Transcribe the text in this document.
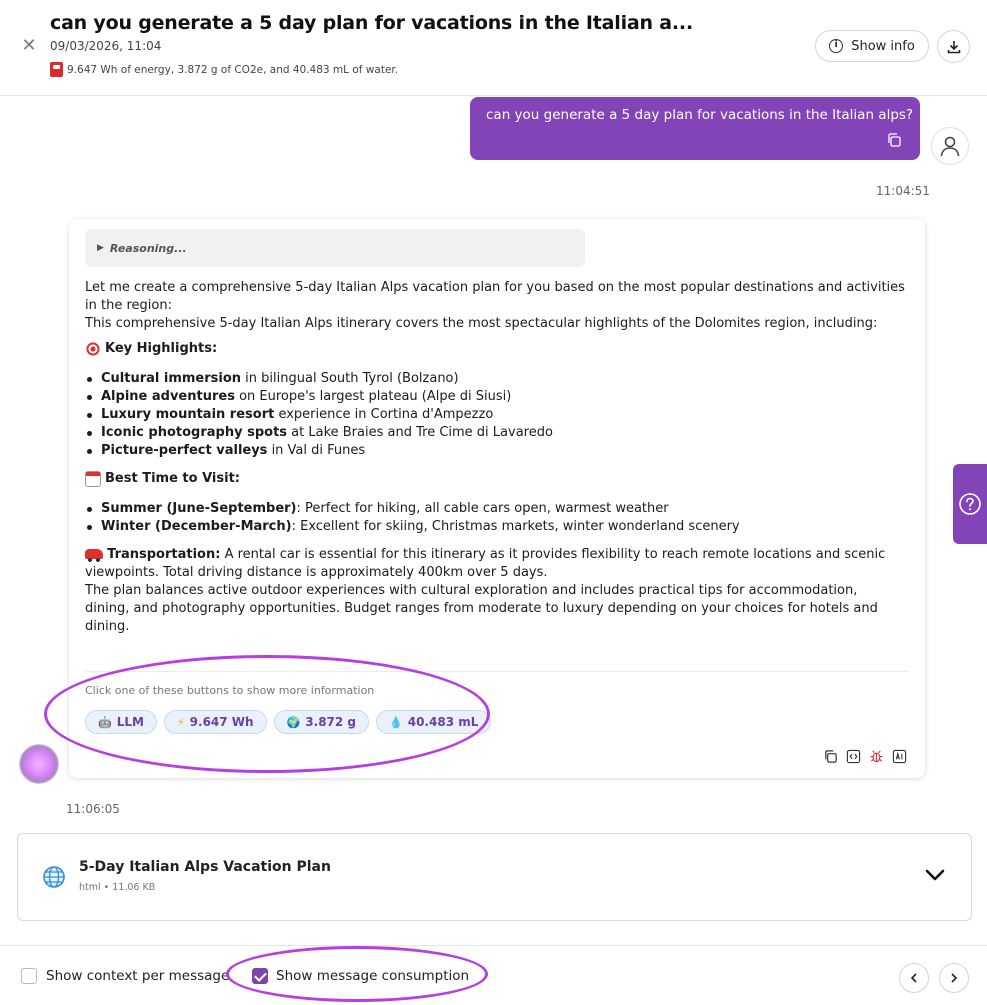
✕
can you generate a 5 day plan for vacations in the Italian a...
09/03/2026, 11:04
9.647 Wh of energy, 3.872 g of CO2e, and 40.483 mL of water.
i	Show info
can you generate a 5 day plan for vacations in the Italian alps?
11:04:51
▶ Reasoning...

Let me create a comprehensive 5-day Italian Alps vacation plan for you based on the most popular destinations and activities in the region:

This comprehensive 5-day Italian Alps itinerary covers the most spectacular highlights of the Dolomites region, including:

Key Highlights:
Cultural immersion in bilingual South Tyrol (Bolzano)
Alpine adventures on Europe's largest plateau (Alpe di Siusi)
Luxury mountain resort experience in Cortina d'Ampezzo
Iconic photography spots at Lake Braies and Tre Cime di Lavaredo
Picture-perfect valleys in Val di Funes
Best Time to Visit:
Summer (June-September): Perfect for hiking, all cable cars open, warmest weather
Winter (December-March): Excellent for skiing, Christmas markets, winter wonderland scenery

Transportation: A rental car is essential for this itinerary as it provides flexibility to reach remote locations and scenic viewpoints. Total driving distance is approximately 400km over 5 days.

The plan balances active outdoor experiences with cultural exploration and includes practical tips for accommodation, dining, and photography opportunities. Budget ranges from moderate to luxury depending on your choices for hotels and dining.

Click one of these buttons to show more information
🤖 LLM	⚡ 9.647 Wh	🌍 3.872 g	💧 40.483 mL
11:06:05
5-Day Italian Alps Vacation Plan
html • 11.06 KB
Show context per message	Show message consumption
